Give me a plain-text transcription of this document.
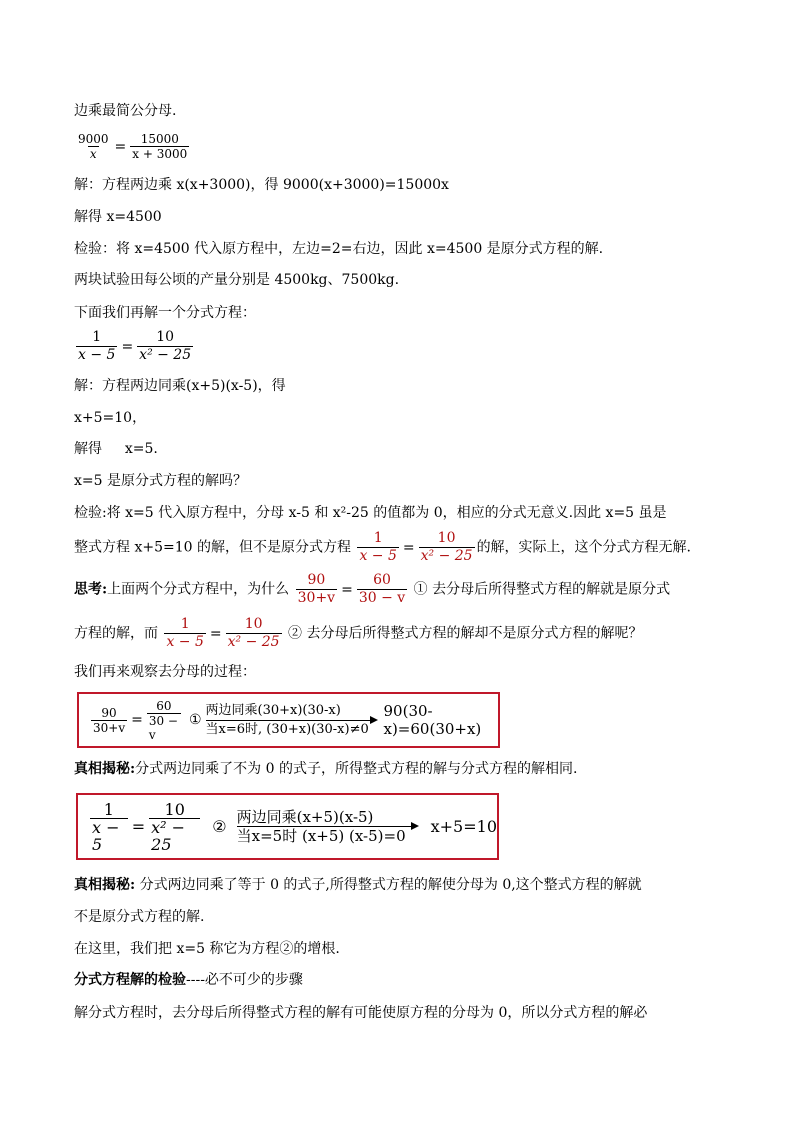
边乘最简公分母.
$\frac{9000}{x} = \frac{15000}{x + 3000}$
解：方程两边乘 x(x+3000)，得 9000(x+3000)=15000x
解得 x=4500
检验：将 x=4500 代入原方程中，左边=2=右边，因此 x=4500 是原分式方程的解.
两块试验田每公顷的产量分别是 4500kg、7500kg.
下面我们再解一个分式方程：
$\frac{1}{x - 5} = \frac{10}{\text{x² − 25}}$
解：方程两边同乘(x+5)(x-5)，得
x+5=10，
解得 　 x=5.
x=5 是原分式方程的解吗？
检验:将 x=5 代入原方程中，分母 x-5 和 x²-25 的值都为 0，相应的分式无意义.因此 x=5 虽是
整式方程 x+5=10 的解，但不是原分式方程 $\frac{1}{x - 5} = \frac{10}{\text{x² − 25}}$ 的解，实际上，这个分式方程无解.
思考:上面两个分式方程中，为什么 $\frac{90}{30+v} = \frac{60}{30 - v}$ ① 去分母后所得整式方程的解就是原分式
方程的解，而 $\frac{1}{x - 5} = \frac{10}{\text{x² − 25}}$ ② 去分母后所得整式方程的解却不是原分式方程的解呢？
我们再来观察去分母的过程：
$\frac{90}{30+v} = \frac{60}{30 - v}$ ①
两边同乘(30+x)(30-x)
当x=6时, (30+x)(30-x)≠0
90(30-x)=60(30+x)
真相揭秘:分式两边同乘了不为 0 的式子，所得整式方程的解与分式方程的解相同.
$\frac{1}{x - 5} = \frac{10}{\text{x² − 25}}$ ② 两边同乘(x+5)(x-5)
当x=5时 (x+5) (x-5)=0 x+5=10
真相揭秘: 分式两边同乘了等于 0 的式子,所得整式方程的解使分母为 0,这个整式方程的解就
不是原分式方程的解.
在这里，我们把 x=5 称它为方程②的增根.
分式方程解的检验----必不可少的步骤
解分式方程时，去分母后所得整式方程的解有可能使原方程的分母为 0，所以分式方程的解必
